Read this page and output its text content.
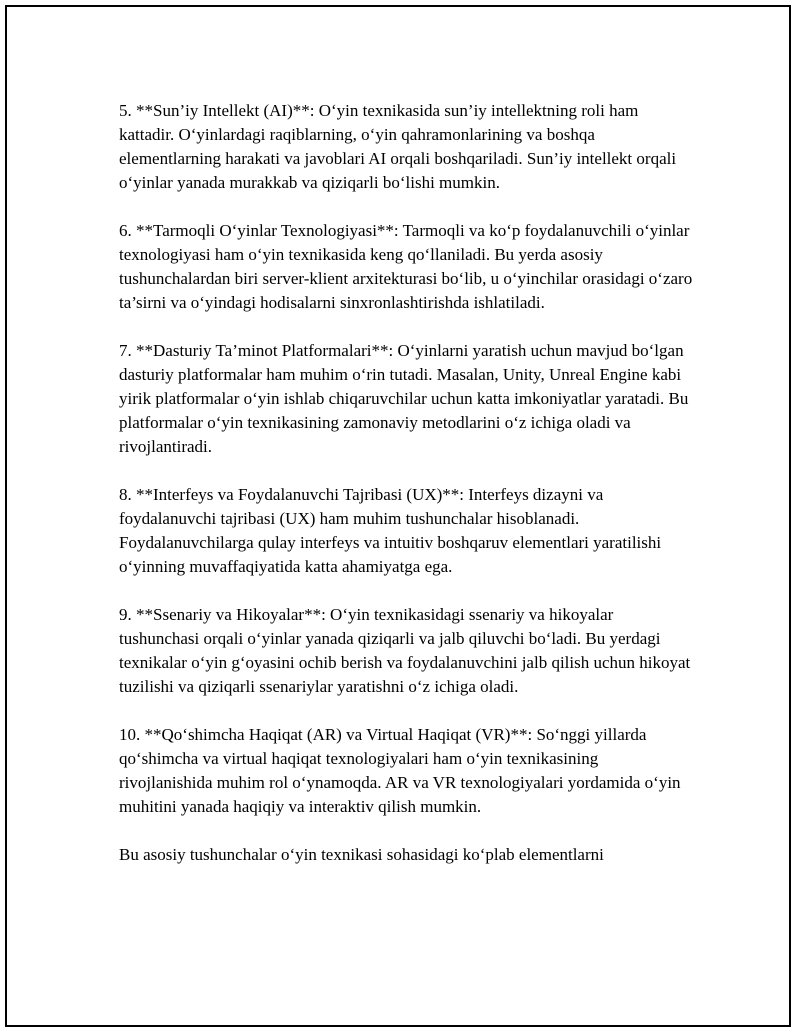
5. **Sun’iy Intellekt (AI)**: O‘yin texnikasida sun’iy intellektning roli ham kattadir. O‘yinlardagi raqiblarning, o‘yin qahramonlarining va boshqa elementlarning harakati va javoblari AI orqali boshqariladi. Sun’iy intellekt orqali o‘yinlar yanada murakkab va qiziqarli bo‘lishi mumkin.

6. **Tarmoqli O‘yinlar Texnologiyasi**: Tarmoqli va ko‘p foydalanuvchili o‘yinlar texnologiyasi ham o‘yin texnikasida keng qo‘llaniladi. Bu yerda asosiy tushunchalardan biri server-klient arxitekturasi bo‘lib, u o‘yinchilar orasidagi o‘zaro ta’sirni va o‘yindagi hodisalarni sinxronlashtirishda ishlatiladi.

7. **Dasturiy Ta’minot Platformalari**: O‘yinlarni yaratish uchun mavjud bo‘lgan dasturiy platformalar ham muhim o‘rin tutadi. Masalan, Unity, Unreal Engine kabi yirik platformalar o‘yin ishlab chiqaruvchilar uchun katta imkoniyatlar yaratadi. Bu platformalar o‘yin texnikasining zamonaviy metodlarini o‘z ichiga oladi va rivojlantiradi.

8. **Interfeys va Foydalanuvchi Tajribasi (UX)**: Interfeys dizayni va foydalanuvchi tajribasi (UX) ham muhim tushunchalar hisoblanadi. Foydalanuvchilarga qulay interfeys va intuitiv boshqaruv elementlari yaratilishi o‘yinning muvaffaqiyatida katta ahamiyatga ega.

9. **Ssenariy va Hikoyalar**: O‘yin texnikasidagi ssenariy va hikoyalar tushunchasi orqali o‘yinlar yanada qiziqarli va jalb qiluvchi bo‘ladi. Bu yerdagi texnikalar o‘yin g‘oyasini ochib berish va foydalanuvchini jalb qilish uchun hikoyat tuzilishi va qiziqarli ssenariylar yaratishni o‘z ichiga oladi.

10. **Qo‘shimcha Haqiqat (AR) va Virtual Haqiqat (VR)**: So‘nggi yillarda qo‘shimcha va virtual haqiqat texnologiyalari ham o‘yin texnikasining rivojlanishida muhim rol o‘ynamoqda. AR va VR texnologiyalari yordamida o‘yin muhitini yanada haqiqiy va interaktiv qilish mumkin.

Bu asosiy tushunchalar o‘yin texnikasi sohasidagi ko‘plab elementlarni
